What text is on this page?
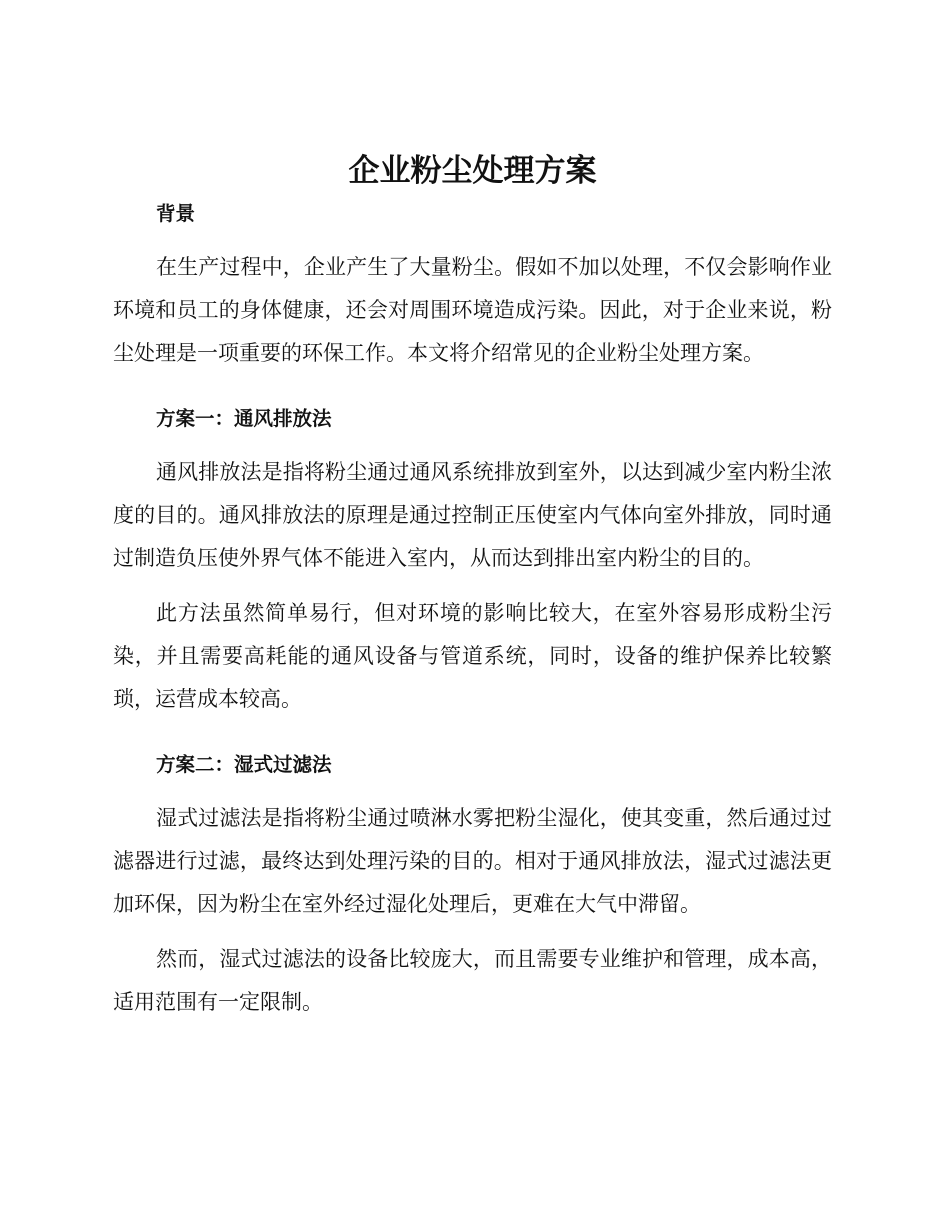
企业粉尘处理方案
背景

在生产过程中，企业产生了大量粉尘。假如不加以处理，不仅会影响作业环境和员工的身体健康，还会对周围环境造成污染。因此，对于企业来说，粉尘处理是一项重要的环保工作。本文将介绍常见的企业粉尘处理方案。

方案一：通风排放法

通风排放法是指将粉尘通过通风系统排放到室外，以达到减少室内粉尘浓度的目的。通风排放法的原理是通过控制正压使室内气体向室外排放，同时通过制造负压使外界气体不能进入室内，从而达到排出室内粉尘的目的。

此方法虽然简单易行，但对环境的影响比较大，在室外容易形成粉尘污染，并且需要高耗能的通风设备与管道系统，同时，设备的维护保养比较繁琐，运营成本较高。

方案二：湿式过滤法

湿式过滤法是指将粉尘通过喷淋水雾把粉尘湿化，使其变重，然后通过过滤器进行过滤，最终达到处理污染的目的。相对于通风排放法，湿式过滤法更加环保，因为粉尘在室外经过湿化处理后，更难在大气中滞留。

然而，湿式过滤法的设备比较庞大，而且需要专业维护和管理，成本高，适用范围有一定限制。
